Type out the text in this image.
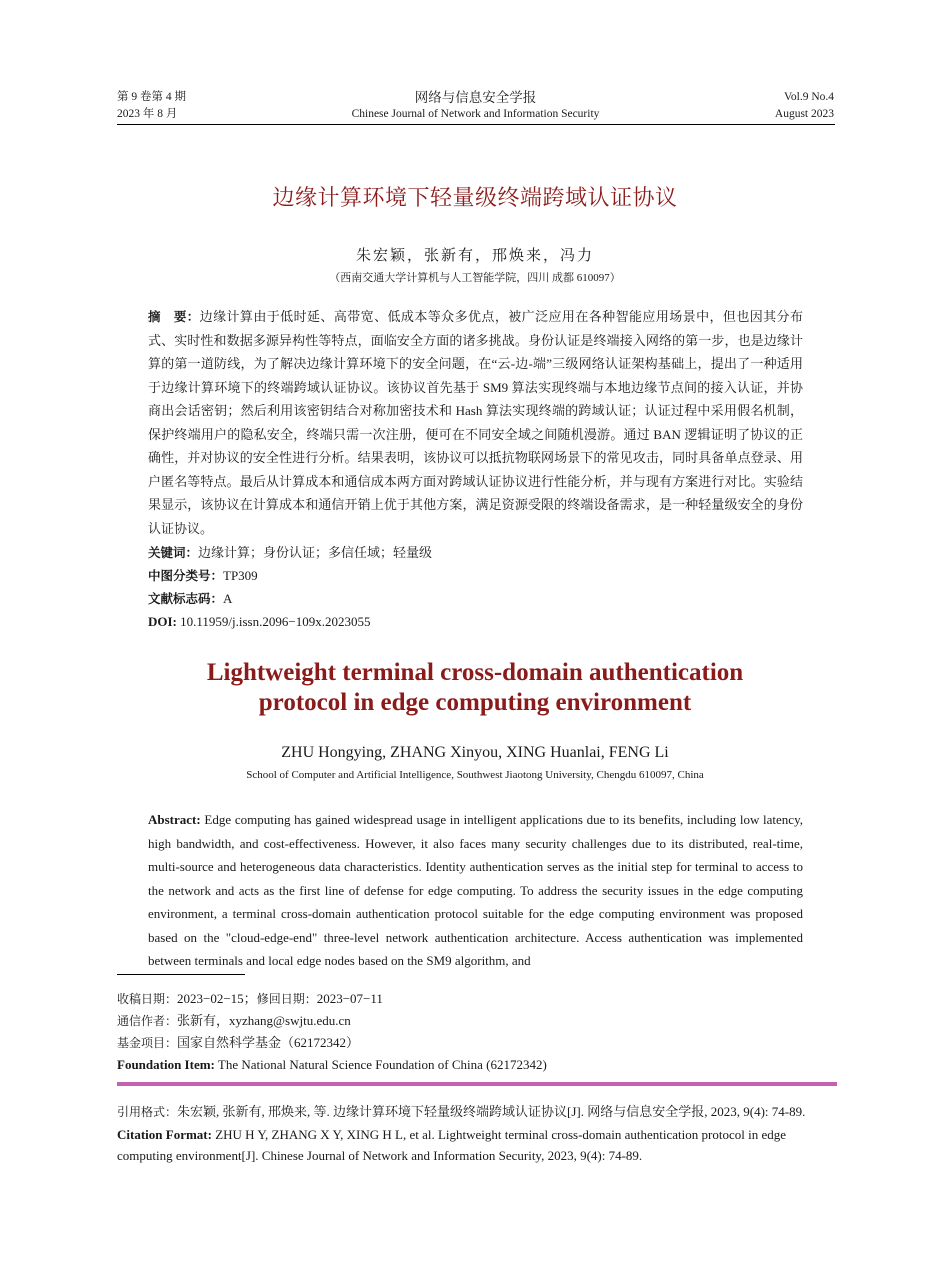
第 9 卷第 4 期
2023 年 8 月
网络与信息安全学报
Chinese Journal of Network and Information Security
Vol.9 No.4
August 2023
边缘计算环境下轻量级终端跨域认证协议
朱宏颖，张新有，邢焕来，冯力
（西南交通大学计算机与人工智能学院，四川 成都 610097）
摘　要：边缘计算由于低时延、高带宽、低成本等众多优点，被广泛应用在各种智能应用场景中，但也因其分布式、实时性和数据多源异构性等特点，面临安全方面的诸多挑战。身份认证是终端接入网络的第一步，也是边缘计算的第一道防线，为了解决边缘计算环境下的安全问题，在“云-边-端”三级网络认证架构基础上，提出了一种适用于边缘计算环境下的终端跨域认证协议。该协议首先基于 SM9 算法实现终端与本地边缘节点间的接入认证，并协商出会话密钥；然后利用该密钥结合对称加密技术和 Hash 算法实现终端的跨域认证；认证过程中采用假名机制，保护终端用户的隐私安全，终端只需一次注册，便可在不同安全域之间随机漫游。通过 BAN 逻辑证明了协议的正确性，并对协议的安全性进行分析。结果表明，该协议可以抵抗物联网场景下的常见攻击，同时具备单点登录、用户匿名等特点。最后从计算成本和通信成本两方面对跨域认证协议进行性能分析，并与现有方案进行对比。实验结果显示，该协议在计算成本和通信开销上优于其他方案，满足资源受限的终端设备需求，是一种轻量级安全的身份认证协议。
关键词：边缘计算；身份认证；多信任域；轻量级
中图分类号：TP309
文献标志码：A
DOI: 10.11959/j.issn.2096−109x.2023055
Lightweight terminal cross-domain authentication
protocol in edge computing environment
ZHU Hongying, ZHANG Xinyou, XING Huanlai, FENG Li
School of Computer and Artificial Intelligence, Southwest Jiaotong University, Chengdu 610097, China
Abstract: Edge computing has gained widespread usage in intelligent applications due to its benefits, including low latency, high bandwidth, and cost-effectiveness. However, it also faces many security challenges due to its distributed, real-time, multi-source and heterogeneous data characteristics. Identity authentication serves as the initial step for terminal to access to the network and acts as the first line of defense for edge computing. To address the security issues in the edge computing environment, a terminal cross-domain authentication protocol suitable for the edge computing environment was proposed based on the "cloud-edge-end" three-level network authentication architecture. Access authentication was implemented between terminals and local edge nodes based on the SM9 algorithm, and
收稿日期：2023−02−15；修回日期：2023−07−11
通信作者：张新有，xyzhang@swjtu.edu.cn
基金项目：国家自然科学基金（62172342）
Foundation Item: The National Natural Science Foundation of China (62172342)
引用格式：朱宏颖, 张新有, 邢焕来, 等. 边缘计算环境下轻量级终端跨域认证协议[J]. 网络与信息安全学报, 2023, 9(4): 74-89.
Citation Format: ZHU H Y, ZHANG X Y, XING H L, et al. Lightweight terminal cross-domain authentication protocol in edge computing environment[J]. Chinese Journal of Network and Information Security, 2023, 9(4): 74-89.
